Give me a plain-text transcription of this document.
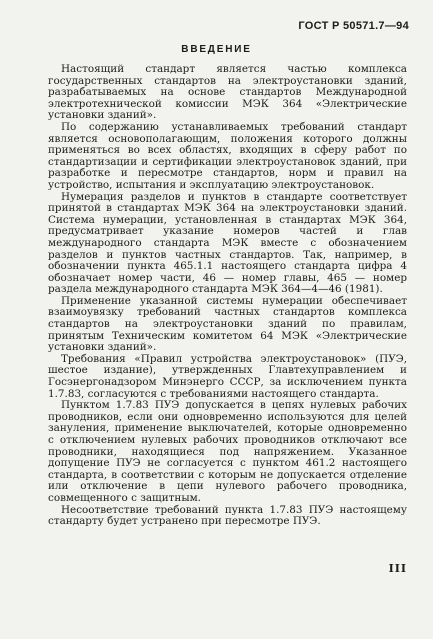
ГОСТ Р 50571.7—94
ВВЕДЕНИЕ

Настоящий стандарт является частью комплекса государственных стандартов на электроустановки зданий, разрабатываемых на основе стандартов Международной электротехнической комиссии МЭК 364 «Электрические установки зданий».

По содержанию устанавливаемых требований стандарт является основополагающим, положения которого должны применяться во всех областях, входящих в сферу работ по стандартизации и сертификации электроустановок зданий, при разработке и пересмотре стандартов, норм и правил на устройство, испытания и эксплуатацию электроустановок.

Нумерация разделов и пунктов в стандарте соответствует принятой в стандартах МЭК 364 на электроустановки зданий. Система нумерации, установленная в стандартах МЭК 364, предусматривает указание номеров частей и глав международного стандарта МЭК вместе с обозначением разделов и пунктов частных стандартов. Так, например, в обозначении пункта 465.1.1 настоящего стандарта цифра 4 обозначает номер части, 46 — номер главы, 465 — номер раздела международного стандарта МЭК 364—4—46 (1981).

Применение указанной системы нумерации обеспечивает взаимоувязку требований частных стандартов комплекса стандартов на электроустановки зданий по правилам, принятым Техническим комитетом 64 МЭК «Электрические установки зданий».

Требования «Правил устройства электроустановок» (ПУЭ, шестое издание), утвержденных Главтехуправлением и Госэнергонадзором Минэнерго СССР, за исключением пункта 1.7.83, согласуются с требованиями настоящего стандарта.

Пунктом 1.7.83 ПУЭ допускается в цепях нулевых рабочих проводников, если они одновременно используются для целей зануления, применение выключателей, которые одновременно с отключением нулевых рабочих проводников отключают все проводники, находящиеся под напряжением. Указанное допущение ПУЭ не согласуется с пунктом 461.2 настоящего стандарта, в соответствии с которым не допускается отделение или отключение в цепи нулевого рабочего проводника, совмещенного с защитным.

Несоответствие требований пункта 1.7.83 ПУЭ настоящему стандарту будет устранено при пересмотре ПУЭ.

III
